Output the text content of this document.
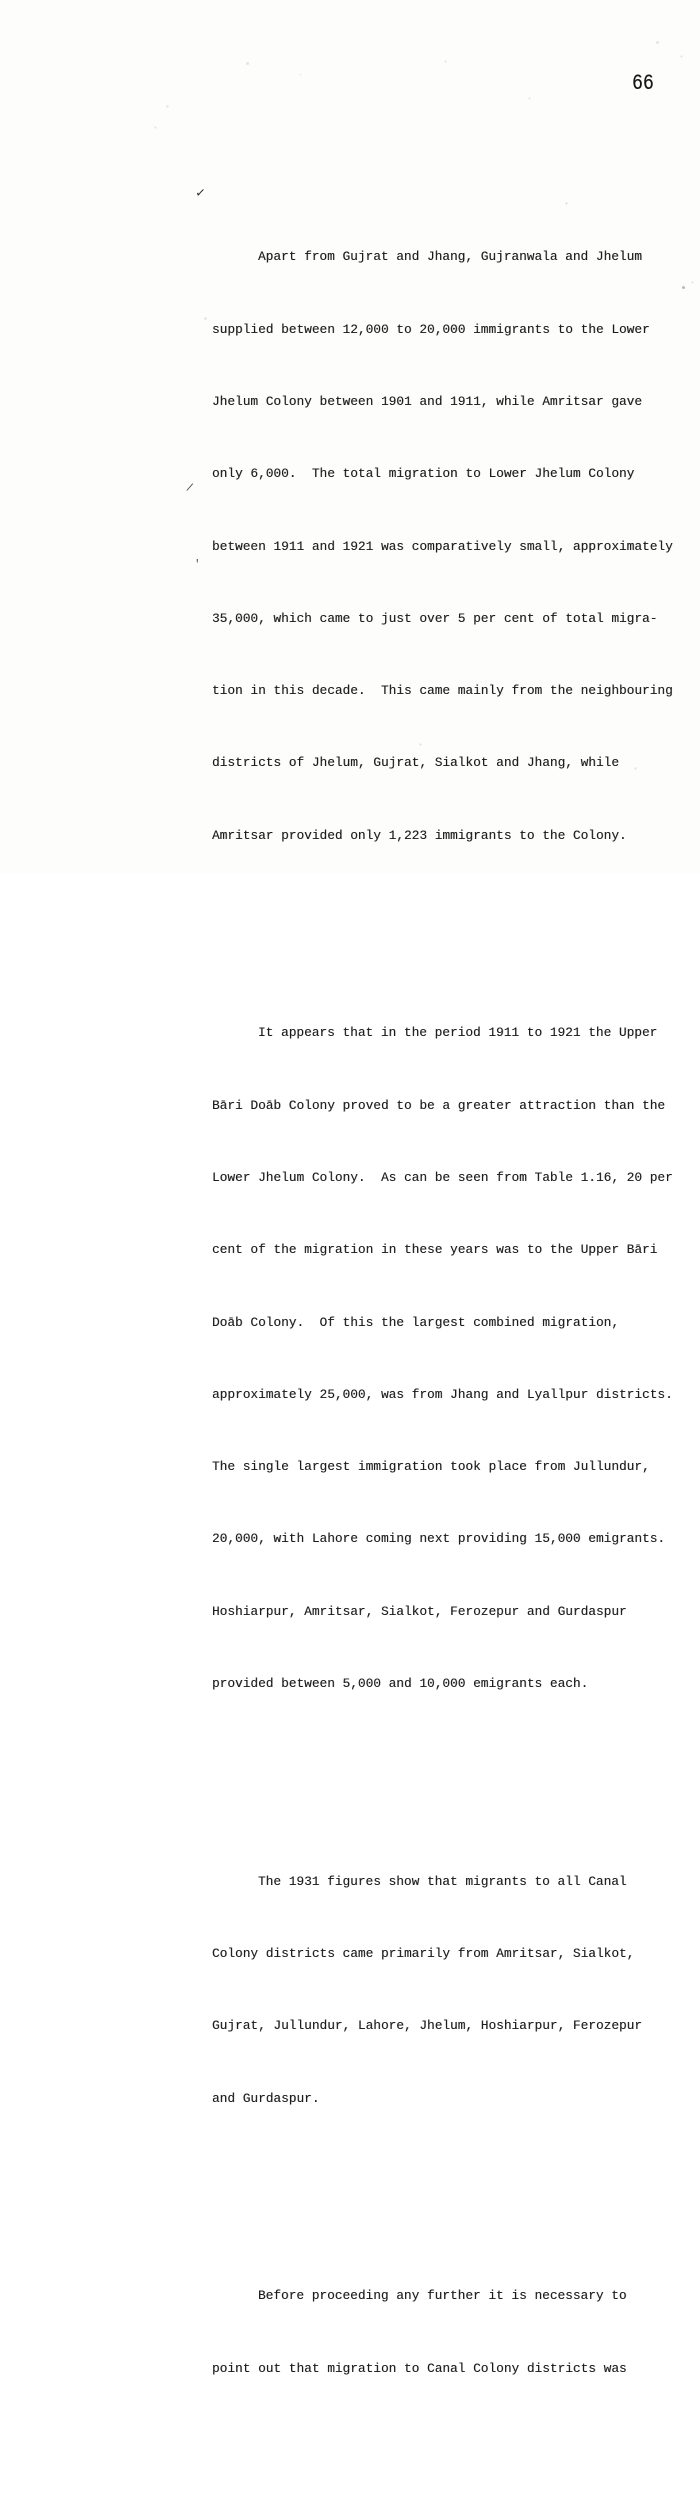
66
✓
/
'

Apart from Gujrat and Jhang, Gujranwala and Jhelum

supplied between 12,000 to 20,000 immigrants to the Lower

Jhelum Colony between 1901 and 1911, while Amritsar gave

only 6,000.  The total migration to Lower Jhelum Colony

between 1911 and 1921 was comparatively small, approximately

35,000, which came to just over 5 per cent of total migra-

tion in this decade.  This came mainly from the neighbouring

districts of Jhelum, Gujrat, Sialkot and Jhang, while

Amritsar provided only 1,223 immigrants to the Colony.

It appears that in the period 1911 to 1921 the Upper

Bāri Doāb Colony proved to be a greater attraction than the

Lower Jhelum Colony.  As can be seen from Table 1.16, 20 per

cent of the migration in these years was to the Upper Bāri

Doāb Colony.  Of this the largest combined migration,

approximately 25,000, was from Jhang and Lyallpur districts.

The single largest immigration took place from Jullundur,

20,000, with Lahore coming next providing 15,000 emigrants.

Hoshiarpur, Amritsar, Sialkot, Ferozepur and Gurdaspur

provided between 5,000 and 10,000 emigrants each.

The 1931 figures show that migrants to all Canal

Colony districts came primarily from Amritsar, Sialkot,

Gujrat, Jullundur, Lahore, Jhelum, Hoshiarpur, Ferozepur

and Gurdaspur.

Before proceeding any further it is necessary to

point out that migration to Canal Colony districts was
